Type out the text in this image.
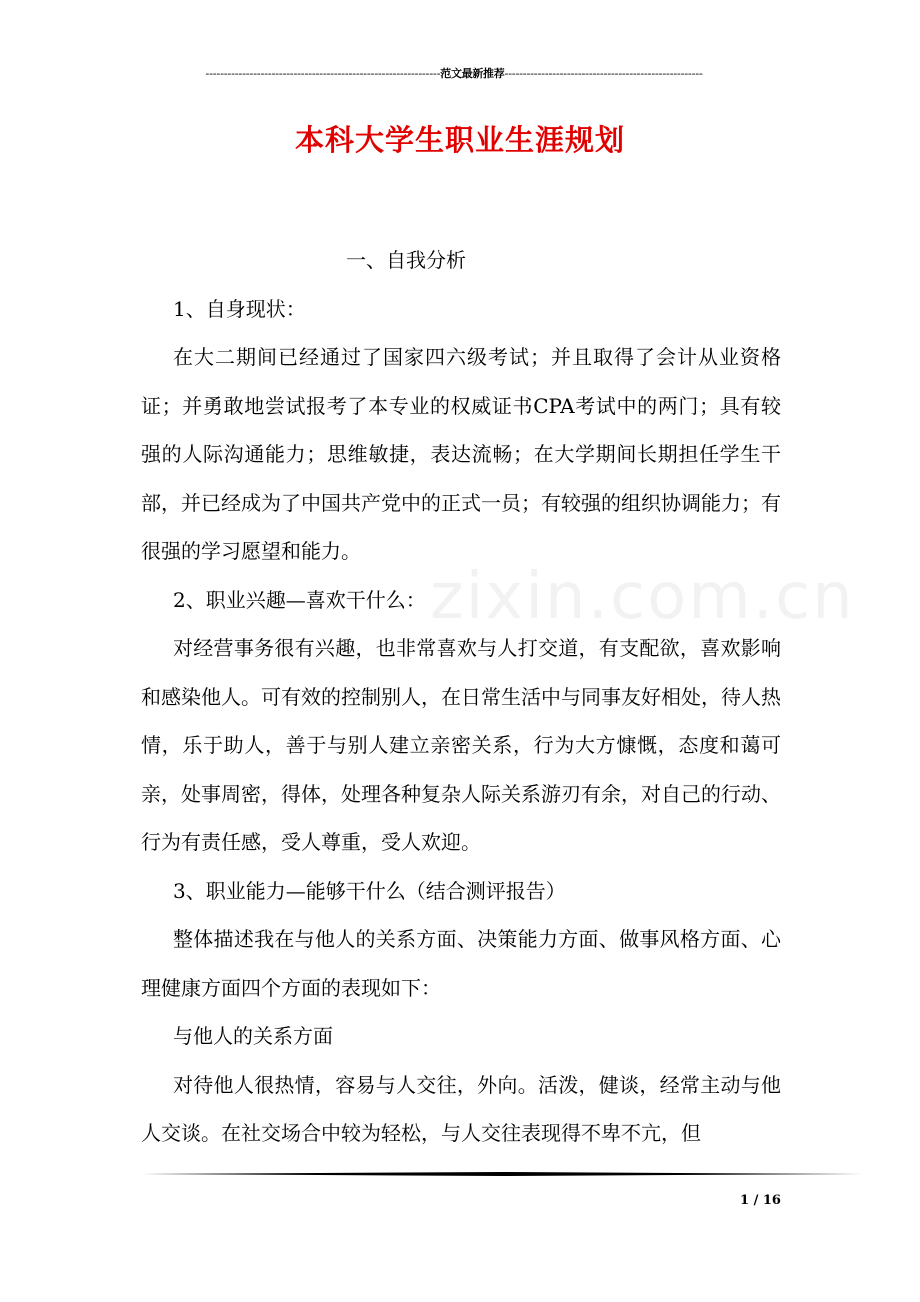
----------------------------------------------------------------范文最新推荐------------------------------------------------------
本科大学生职业生涯规划
zixin.com.cn

一、自我分析

1、自身现状：

在大二期间已经通过了国家四六级考试；并且取得了会计从业资格证；并勇敢地尝试报考了本专业的权威证书CPA考试中的两门；具有较强的人际沟通能力；思维敏捷，表达流畅；在大学期间长期担任学生干部，并已经成为了中国共产党中的正式一员；有较强的组织协调能力；有很强的学习愿望和能力。

2、职业兴趣—喜欢干什么：

对经营事务很有兴趣，也非常喜欢与人打交道，有支配欲，喜欢影响和感染他人。可有效的控制别人，在日常生活中与同事友好相处，待人热情，乐于助人，善于与别人建立亲密关系，行为大方慷慨，态度和蔼可亲，处事周密，得体，处理各种复杂人际关系游刃有余，对自己的行动、行为有责任感，受人尊重，受人欢迎。

3、职业能力—能够干什么（结合测评报告）

整体描述我在与他人的关系方面、决策能力方面、做事风格方面、心理健康方面四个方面的表现如下：

与他人的关系方面

对待他人很热情，容易与人交往，外向。活泼，健谈，经常主动与他人交谈。在社交场合中较为轻松，与人交往表现得不卑不亢，但

1 / 16
